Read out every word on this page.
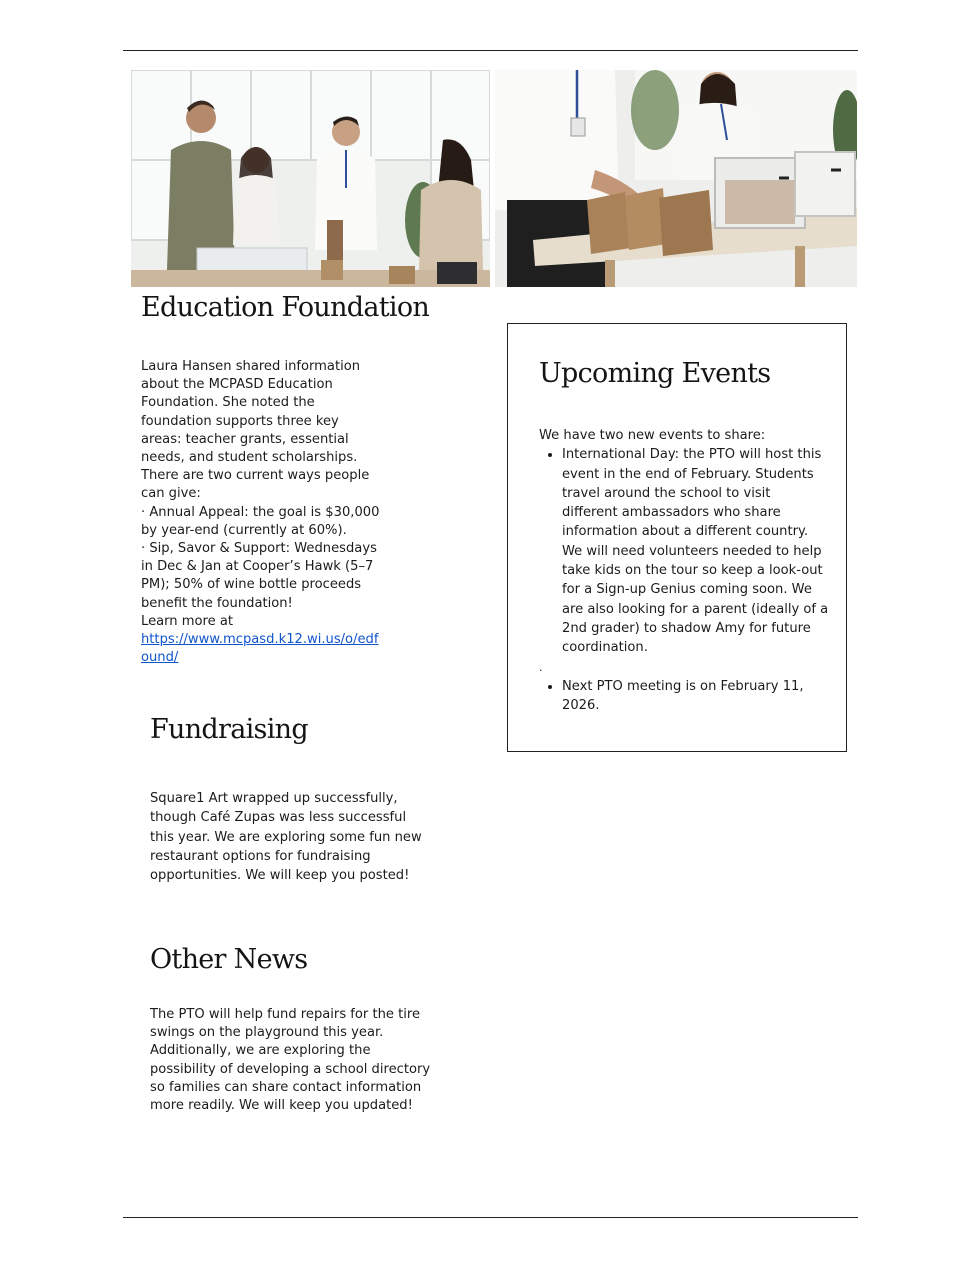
Education Foundation

Laura Hansen shared information about the MCPASD Education Foundation. She noted the foundation supports three key areas: teacher grants, essential needs, and student scholarships. There are two current ways people can give:

· Annual Appeal: the goal is $30,000 by year-end (currently at 60%).

· Sip, Savor & Support: Wednesdays in Dec & Jan at Cooper’s Hawk (5–7 PM); 50% of wine bottle proceeds benefit the foundation!

Learn more at

https://www.mcpasd.k12.wi.us/o/edfound/

Fundraising

Square1 Art wrapped up successfully, though Café Zupas was less successful this year. We are exploring some fun new restaurant options for fundraising opportunities. We will keep you posted!

Other News

The PTO will help fund repairs for the tire swings on the playground this year. Additionally, we are exploring the possibility of developing a school directory so families can share contact information more readily. We will keep you updated!

Upcoming Events

We have two new events to share:

• International Day: the PTO will host this event in the end of February. Students travel around the school to visit different ambassadors who share information about a different country. We will need volunteers needed to help take kids on the tour so keep a look-out for a Sign-up Genius coming soon. We are also looking for a parent (ideally of a 2nd grader) to shadow Amy for future coordination.

.

• Next PTO meeting is on February 11, 2026.
